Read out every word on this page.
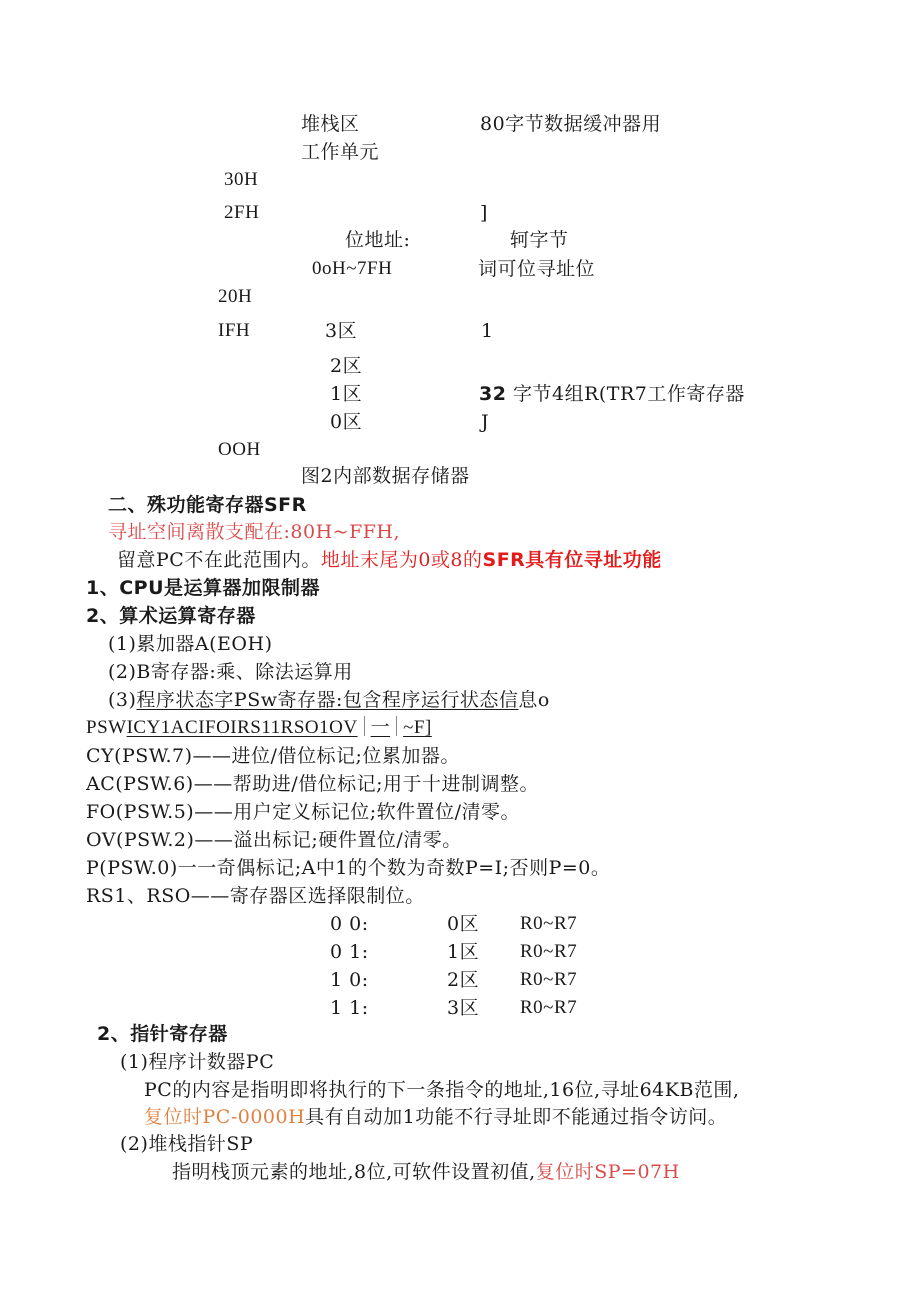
堆栈区	80字节数据缓冲器用
工作单元
30H
2FH	]
位地址:	轲字节
0oH~7FH	词可位寻址位
20H
IFH	3区	1
2区
1区	32 字节4组R(TR7工作寄存器
0区	J
OOH
图2内部数据存储器
二、殊功能寄存器SFR
寻址空间离散支配在:80H~FFH,
留意PC不在此范围内。地址末尾为0或8的SFR具有位寻址功能
1、CPU是运算器加限制器
2、算术运算寄存器
(1)累加器A(EOH)
(2)B寄存器:乘、除法运算用
(3)程序状态字PSw寄存器:包含程序运行状态信息o
PSWICY1ACIFOIRS11RSO1OV 一 ~F]
CY(PSW.7)——进位/借位标记;位累加器。
AC(PSW.6)——帮助进/借位标记;用于十进制调整。
FO(PSW.5)——用户定义标记位;软件置位/清零。
OV(PSW.2)——溢出标记;硬件置位/清零。
P(PSW.0)一一奇偶标记;A中1的个数为奇数P=I;否则P=0。
RS1、RSO——寄存器区选择限制位。
0 0:	0区 R0~R7
0 1:	1区 R0~R7
1 0:	2区 R0~R7
1 1:	3区 R0~R7
2、指针寄存器
(1)程序计数器PC
PC的内容是指明即将执行的下一条指令的地址,16位,寻址64KB范围,
复位时PC-0000H具有自动加1功能不行寻址即不能通过指令访问。
(2)堆栈指针SP
指明栈顶元素的地址,8位,可软件设置初值,复位时SP=07H
